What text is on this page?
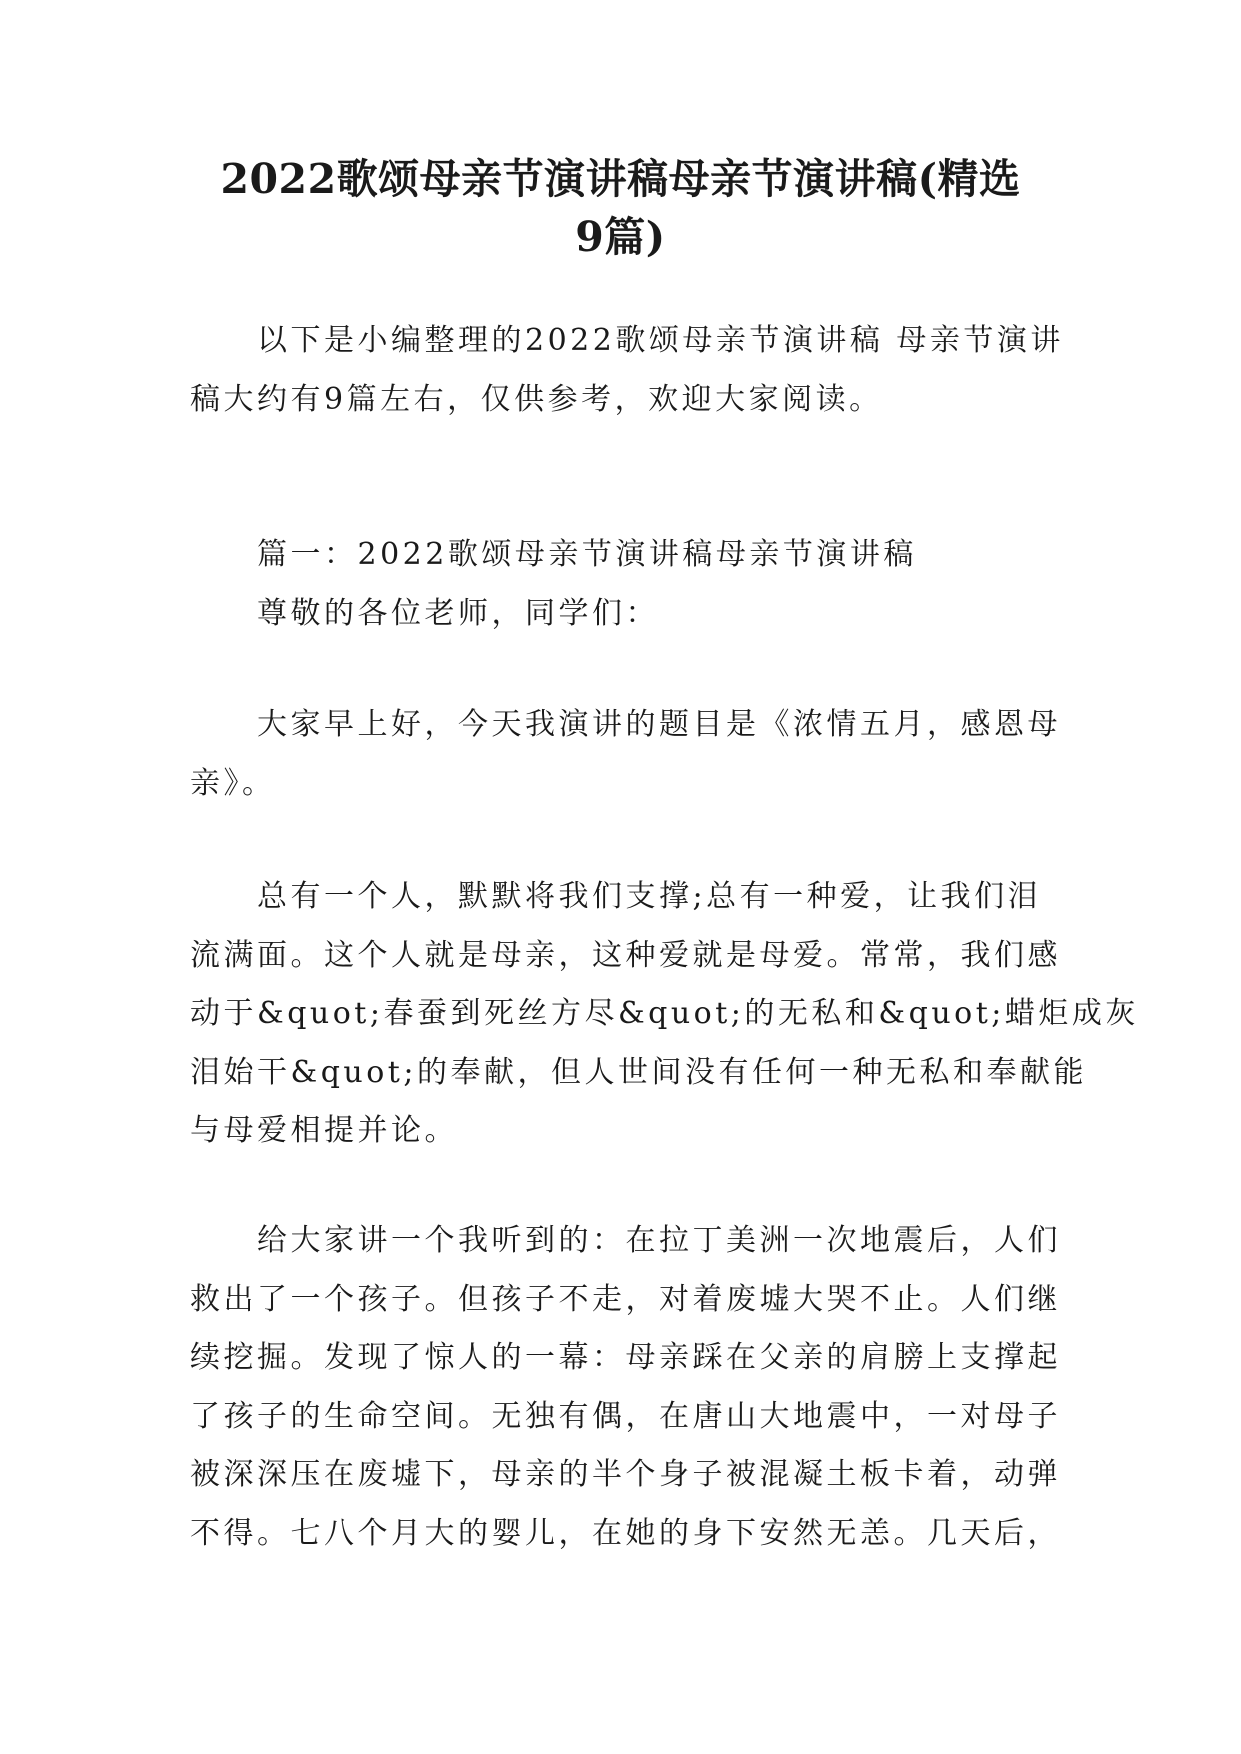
2022歌颂母亲节演讲稿母亲节演讲稿(精选
9篇)
　　以下是小编整理的2022歌颂母亲节演讲稿 母亲节演讲
稿大约有9篇左右，仅供参考，欢迎大家阅读。
　　篇一：2022歌颂母亲节演讲稿母亲节演讲稿
　　尊敬的各位老师，同学们：
　　大家早上好，今天我演讲的题目是《浓情五月，感恩母
亲》。
　　总有一个人，默默将我们支撑;总有一种爱，让我们泪
流满面。这个人就是母亲，这种爱就是母爱。常常，我们感
动于&quot;春蚕到死丝方尽&quot;的无私和&quot;蜡炬成灰
泪始干&quot;的奉献，但人世间没有任何一种无私和奉献能
与母爱相提并论。
　　给大家讲一个我听到的：在拉丁美洲一次地震后，人们
救出了一个孩子。但孩子不走，对着废墟大哭不止。人们继
续挖掘。发现了惊人的一幕：母亲踩在父亲的肩膀上支撑起
了孩子的生命空间。无独有偶，在唐山大地震中，一对母子
被深深压在废墟下，母亲的半个身子被混凝土板卡着，动弹
不得。七八个月大的婴儿，在她的身下安然无恙。几天后，
